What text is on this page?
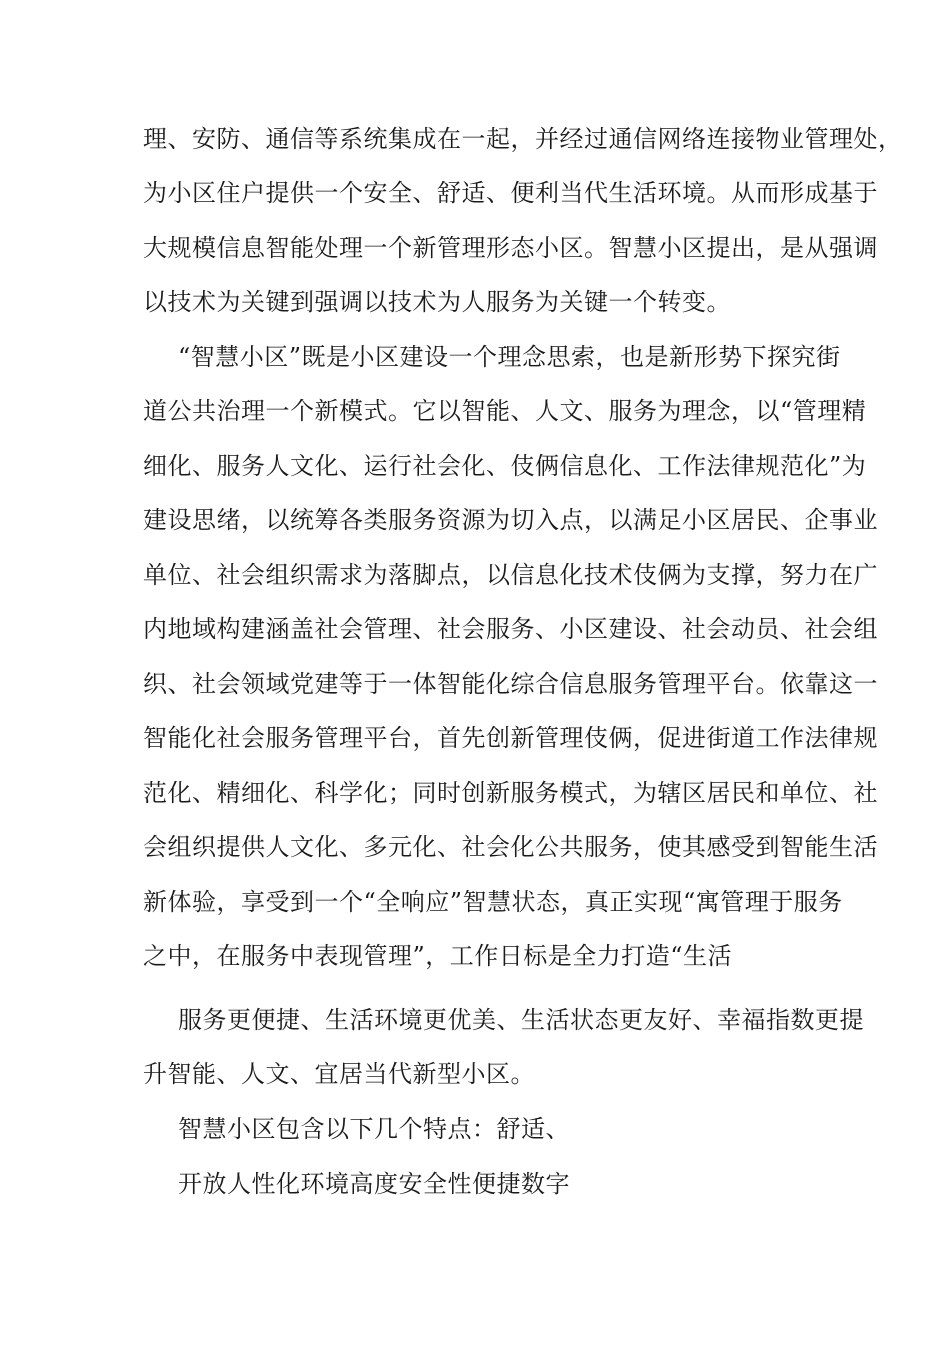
理、安防、通信等系统集成在一起，并经过通信网络连接物业管理处，
为小区住户提供一个安全、舒适、便利当代生活环境。从而形成基于
大规模信息智能处理一个新管理形态小区。智慧小区提出，是从强调
以技术为关键到强调以技术为人服务为关键一个转变。
“智慧小区”既是小区建设一个理念思索，也是新形势下探究街
道公共治理一个新模式。它以智能、人文、服务为理念，以“管理精
细化、服务人文化、运行社会化、伎俩信息化、工作法律规范化”为
建设思绪，以统筹各类服务资源为切入点，以满足小区居民、企事业
单位、社会组织需求为落脚点，以信息化技术伎俩为支撑，努力在广
内地域构建涵盖社会管理、社会服务、小区建设、社会动员、社会组
织、社会领域党建等于一体智能化综合信息服务管理平台。依靠这一
智能化社会服务管理平台，首先创新管理伎俩，促进街道工作法律规
范化、精细化、科学化；同时创新服务模式，为辖区居民和单位、社
会组织提供人文化、多元化、社会化公共服务，使其感受到智能生活
新体验，享受到一个“全响应”智慧状态，真正实现“寓管理于服务
之中，在服务中表现管理”，工作日标是全力打造“生活
服务更便捷、生活环境更优美、生活状态更友好、幸福指数更提
升智能、人文、宜居当代新型小区。
智慧小区包含以下几个特点：舒适、
开放人性化环境高度安全性便捷数字
